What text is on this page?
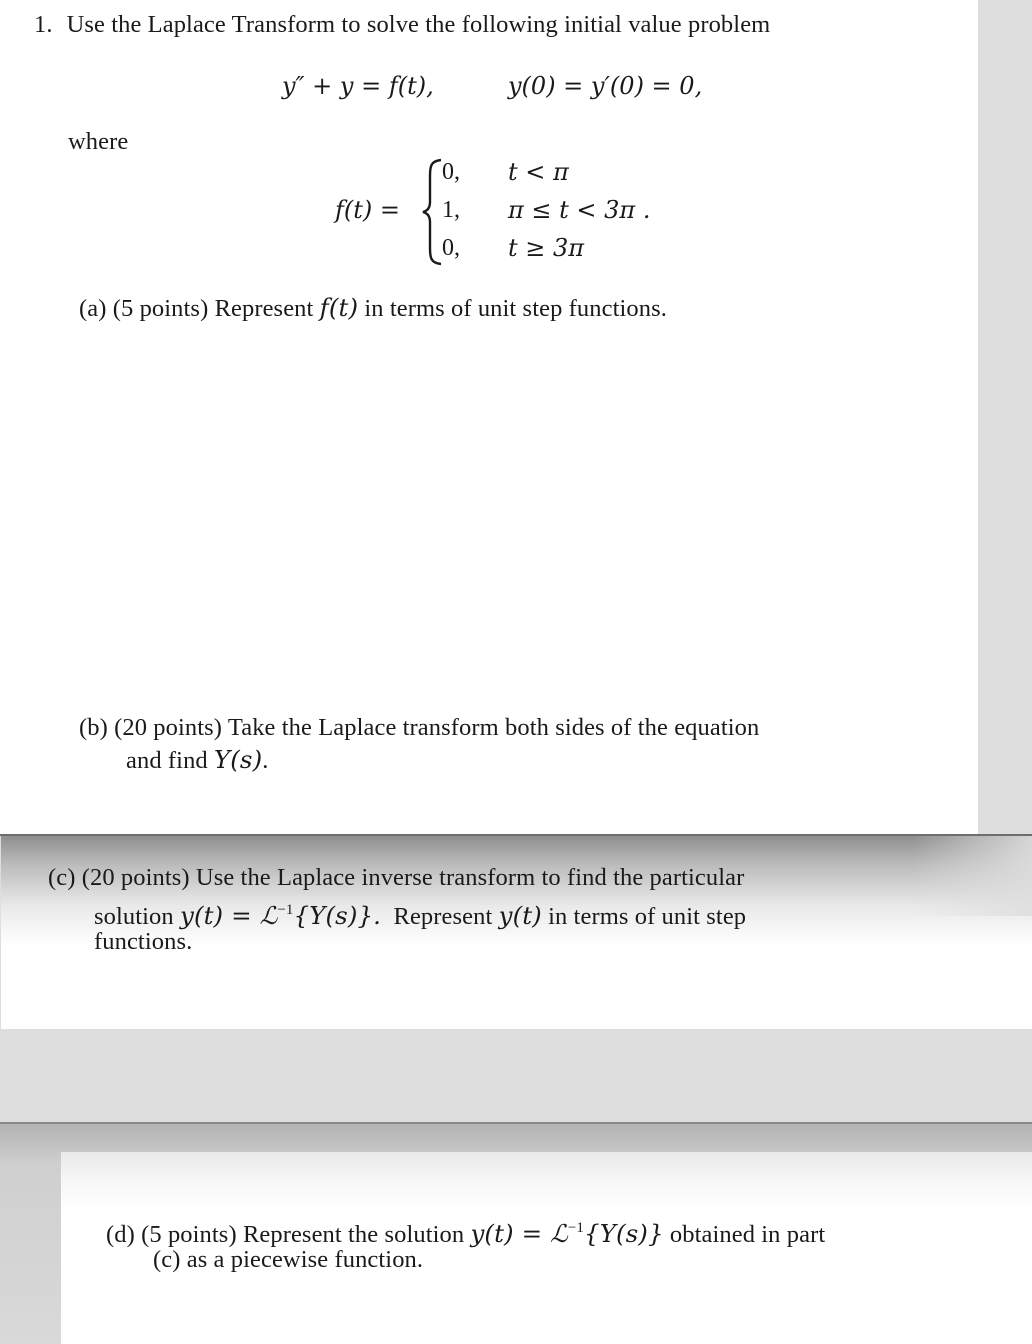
1. Use the Laplace Transform to solve the following initial value problem
y″ + y = f(t),	y(0) = y′(0) = 0,
where
f(t) =
0, t < π
1, π ≤ t < 3π .
0, t ≥ 3π
(a) (5 points) Represent f(t) in terms of unit step functions.
(b) (20 points) Take the Laplace transform both sides of the equation
and find Y(s).
(c) (20 points) Use the Laplace inverse transform to find the particular
solution y(t) = ℒ$^{-1}${Y(s)}. Represent y(t) in terms of unit step
functions.
(d) (5 points) Represent the solution y(t) = ℒ$^{-1}${Y(s)} obtained in part
(c) as a piecewise function.
